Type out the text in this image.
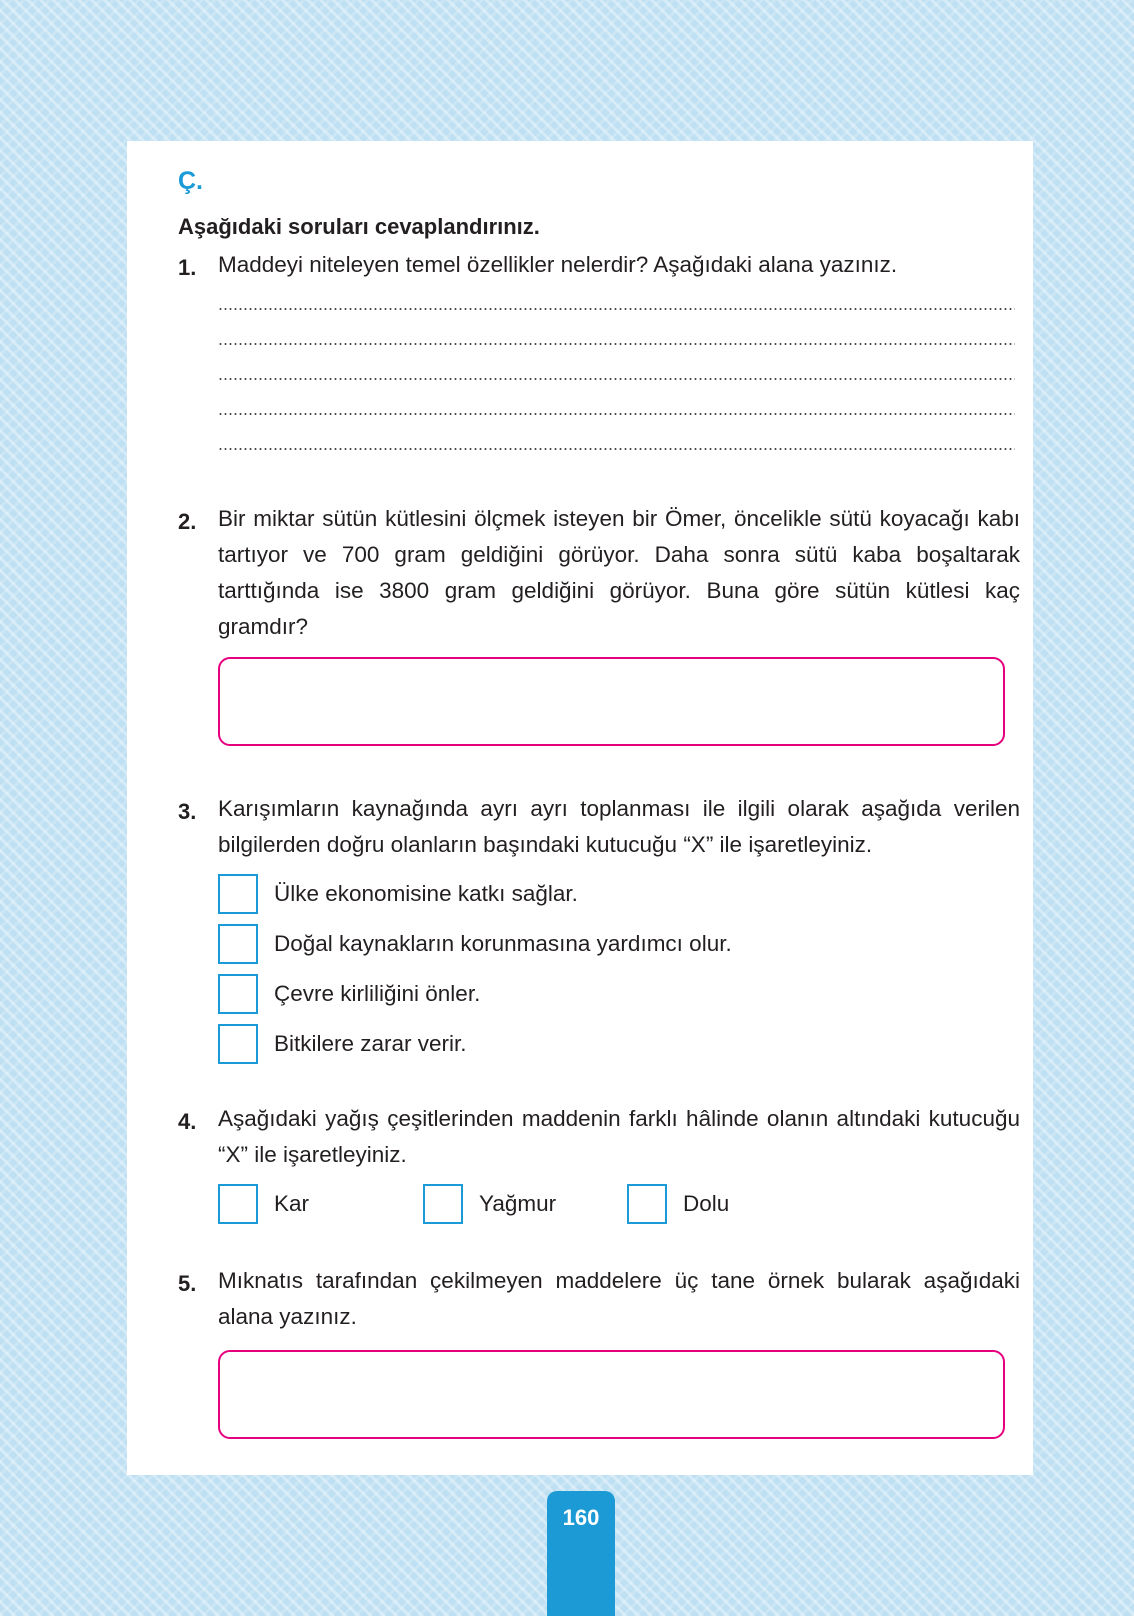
Ç.
Aşağıdaki soruları cevaplandırınız.
1. Maddeyi niteleyen temel özellikler nelerdir? Aşağıdaki alana yazınız.
2. Bir miktar sütün kütlesini ölçmek isteyen bir Ömer, öncelikle sütü koyacağı kabı tartıyor ve 700 gram geldiğini görüyor. Daha sonra sütü kaba boşaltarak tarttığında ise 3800 gram geldiğini görüyor. Buna göre sütün kütlesi kaç gramdır?
3. Karışımların kaynağında ayrı ayrı toplanması ile ilgili olarak aşağıda verilen bilgilerden doğru olanların başındaki kutucuğu “X” ile işaretleyiniz.
Ülke ekonomisine katkı sağlar.
Doğal kaynakların korunmasına yardımcı olur.
Çevre kirliliğini önler.
Bitkilere zarar verir.
4. Aşağıdaki yağış çeşitlerinden maddenin farklı hâlinde olanın altındaki kutucuğu “X” ile işaretleyiniz.
Kar	Yağmur	Dolu
5. Mıknatıs tarafından çekilmeyen maddelere üç tane örnek bularak aşağıdaki alana yazınız.
160
